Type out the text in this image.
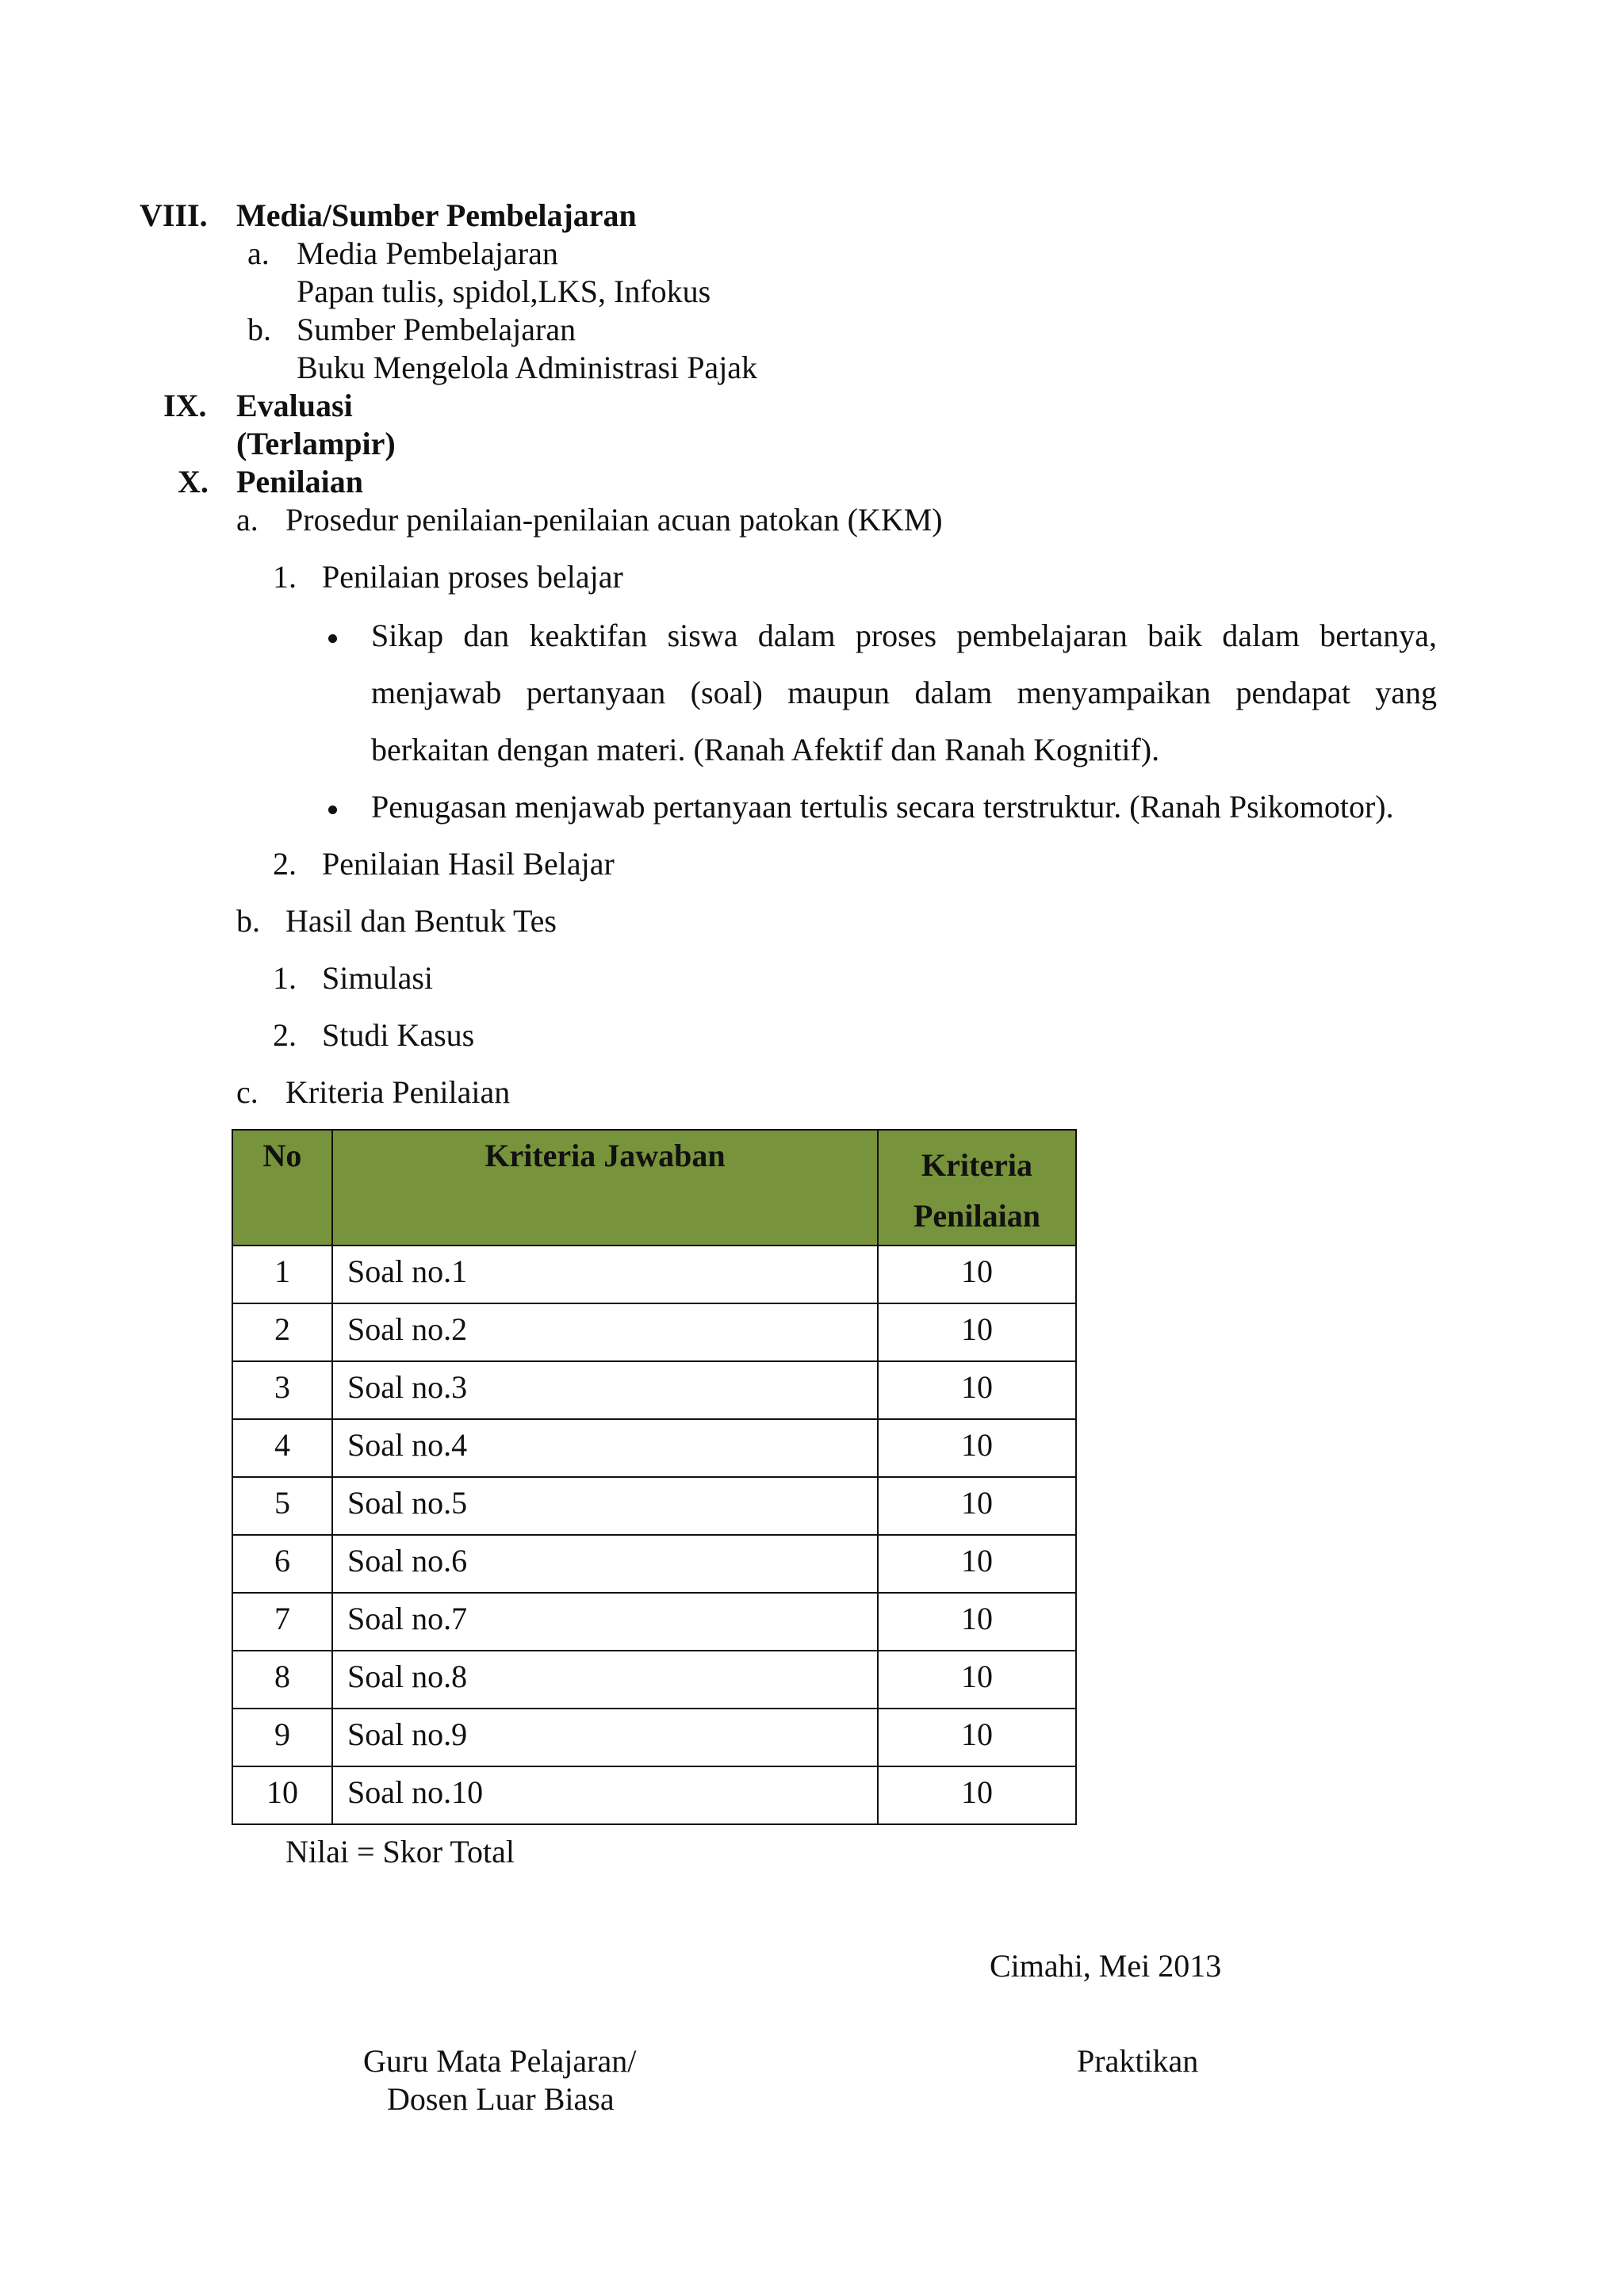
VIII. Media/Sumber Pembelajaran
a. Media Pembelajaran
Papan tulis, spidol,LKS, Infokus
b. Sumber Pembelajaran
Buku Mengelola Administrasi Pajak
IX. Evaluasi
(Terlampir)
X. Penilaian
a. Prosedur penilaian-penilaian acuan patokan (KKM)
1. Penilaian proses belajar
Sikap dan keaktifan siswa dalam proses pembelajaran baik dalam bertanya,
menjawab pertanyaan (soal) maupun dalam menyampaikan pendapat yang
berkaitan dengan materi. (Ranah Afektif dan Ranah Kognitif).
Penugasan menjawab pertanyaan tertulis secara terstruktur. (Ranah Psikomotor).
2. Penilaian Hasil Belajar
b. Hasil dan Bentuk Tes
1. Simulasi
2. Studi Kasus
c. Kriteria Penilaian
No	Kriteria Jawaban	Kriteria
Penilaian

1	Soal no.1	10

2	Soal no.2	10

3	Soal no.3	10

4	Soal no.4	10

5	Soal no.5	10

6	Soal no.6	10

7	Soal no.7	10

8	Soal no.8	10

9	Soal no.9	10

10	Soal no.10	10
Nilai = Skor Total
Cimahi, Mei 2013
Guru Mata Pelajaran/
Dosen Luar Biasa
Praktikan
